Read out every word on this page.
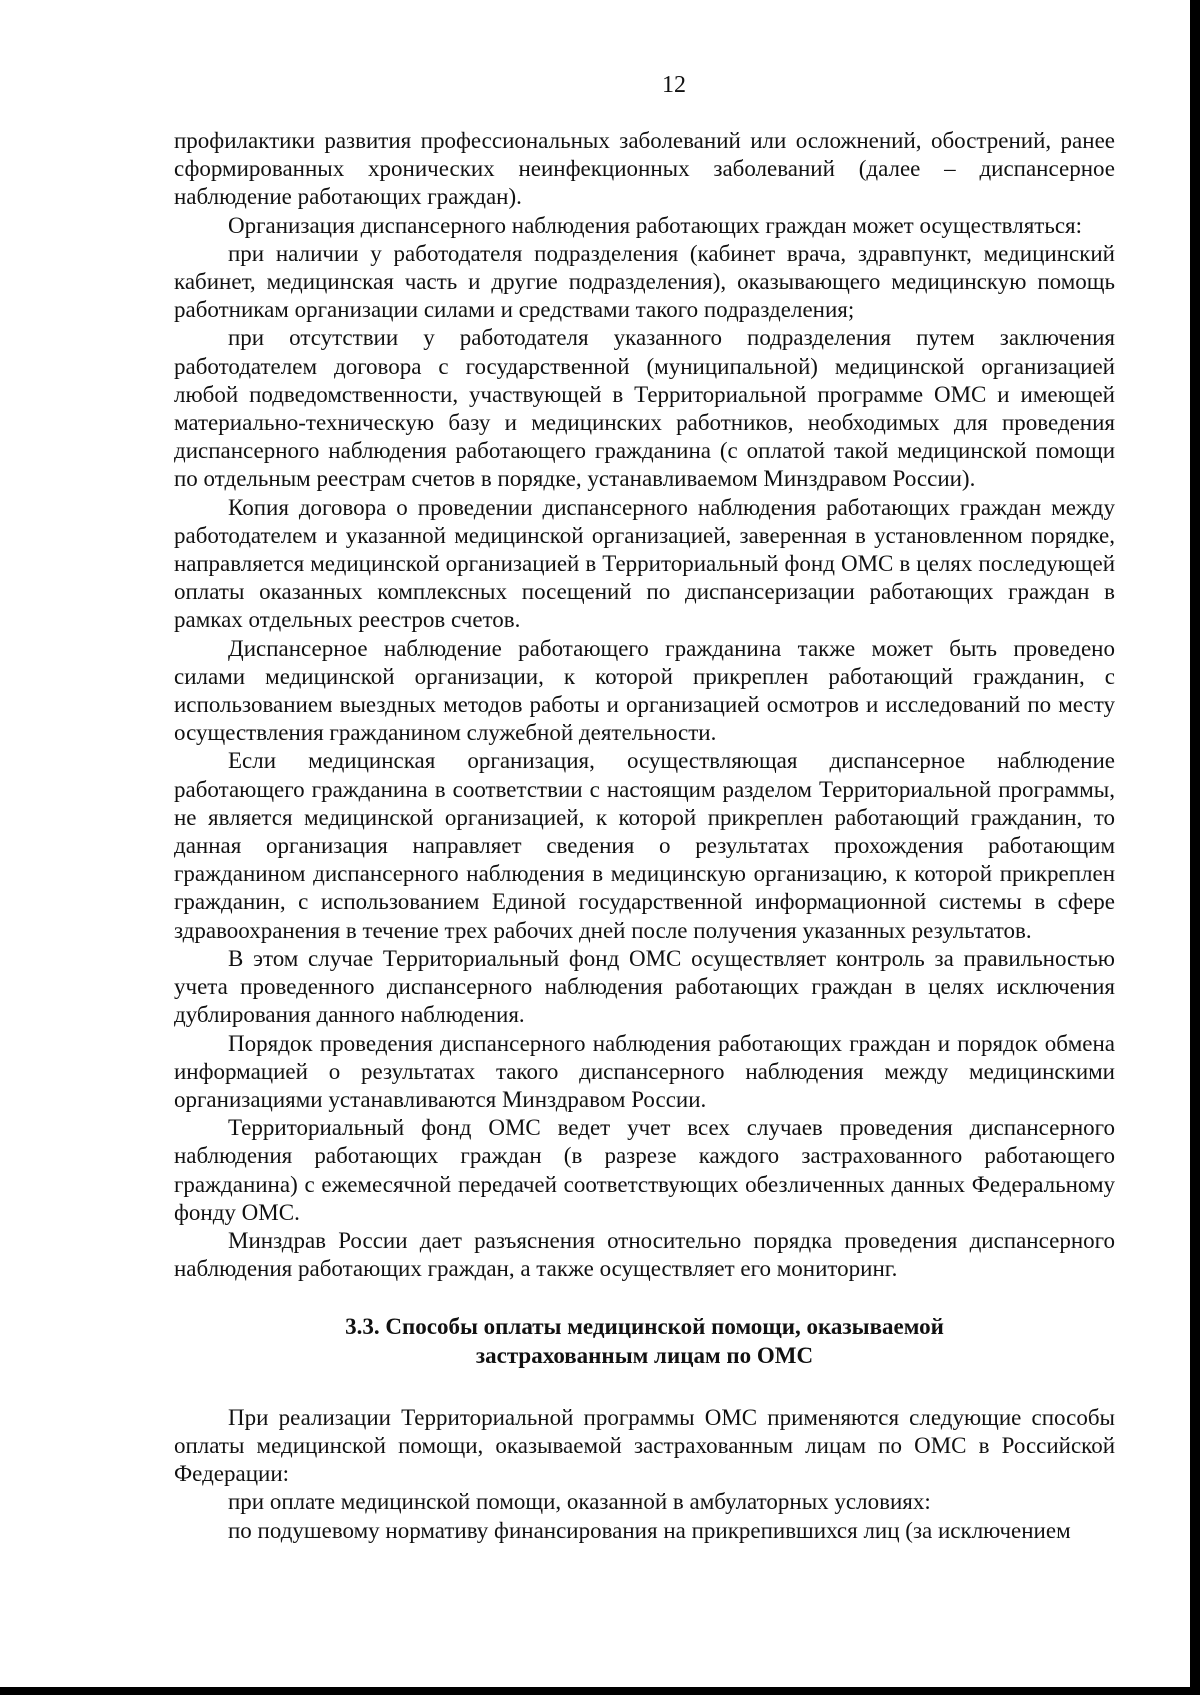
12

профилактики развития профессиональных заболеваний или осложнений, обострений, ранее сформированных хронических неинфекционных заболеваний (далее – диспансерное наблюдение работающих граждан).

Организация диспансерного наблюдения работающих граждан может осуществляться:

при наличии у работодателя подразделения (кабинет врача, здравпункт, медицинский кабинет, медицинская часть и другие подразделения), оказывающего медицинскую помощь работникам организации силами и средствами такого подразделения;

при отсутствии у работодателя указанного подразделения путем заключения работодателем договора с государственной (муниципальной) медицинской организацией любой подведомственности, участвующей в Территориальной программе ОМС и имеющей материально-техническую базу и медицинских работников, необходимых для проведения диспансерного наблюдения работающего гражданина (с оплатой такой медицинской помощи по отдельным реестрам счетов в порядке, устанавливаемом Минздравом России).

Копия договора о проведении диспансерного наблюдения работающих граждан между работодателем и указанной медицинской организацией, заверенная в установленном порядке, направляется медицинской организацией в Территориальный фонд ОМС в целях последующей оплаты оказанных комплексных посещений по диспансеризации работающих граждан в рамках отдельных реестров счетов.

Диспансерное наблюдение работающего гражданина также может быть проведено силами медицинской организации, к которой прикреплен работающий гражданин, с использованием выездных методов работы и организацией осмотров и исследований по месту осуществления гражданином служебной деятельности.

Если медицинская организация, осуществляющая диспансерное наблюдение работающего гражданина в соответствии с настоящим разделом Территориальной программы, не является медицинской организацией, к которой прикреплен работающий гражданин, то данная организация направляет сведения о результатах прохождения работающим гражданином диспансерного наблюдения в медицинскую организацию, к которой прикреплен гражданин, с использованием Единой государственной информационной системы в сфере здравоохранения в течение трех рабочих дней после получения указанных результатов.

В этом случае Территориальный фонд ОМС осуществляет контроль за правильностью учета проведенного диспансерного наблюдения работающих граждан в целях исключения дублирования данного наблюдения.

Порядок проведения диспансерного наблюдения работающих граждан и порядок обмена информацией о результатах такого диспансерного наблюдения между медицинскими организациями устанавливаются Минздравом России.

Территориальный фонд ОМС ведет учет всех случаев проведения диспансерного наблюдения работающих граждан (в разрезе каждого застрахованного работающего гражданина) с ежемесячной передачей соответствующих обезличенных данных Федеральному фонду ОМС.

Минздрав России дает разъяснения относительно порядка проведения диспансерного наблюдения работающих граждан, а также осуществляет его мониторинг.

3.3. Способы оплаты медицинской помощи, оказываемой
застрахованным лицам по ОМС

При реализации Территориальной программы ОМС применяются следующие способы оплаты медицинской помощи, оказываемой застрахованным лицам по ОМС в Российской Федерации:

при оплате медицинской помощи, оказанной в амбулаторных условиях:

по подушевому нормативу финансирования на прикрепившихся лиц (за исключением
